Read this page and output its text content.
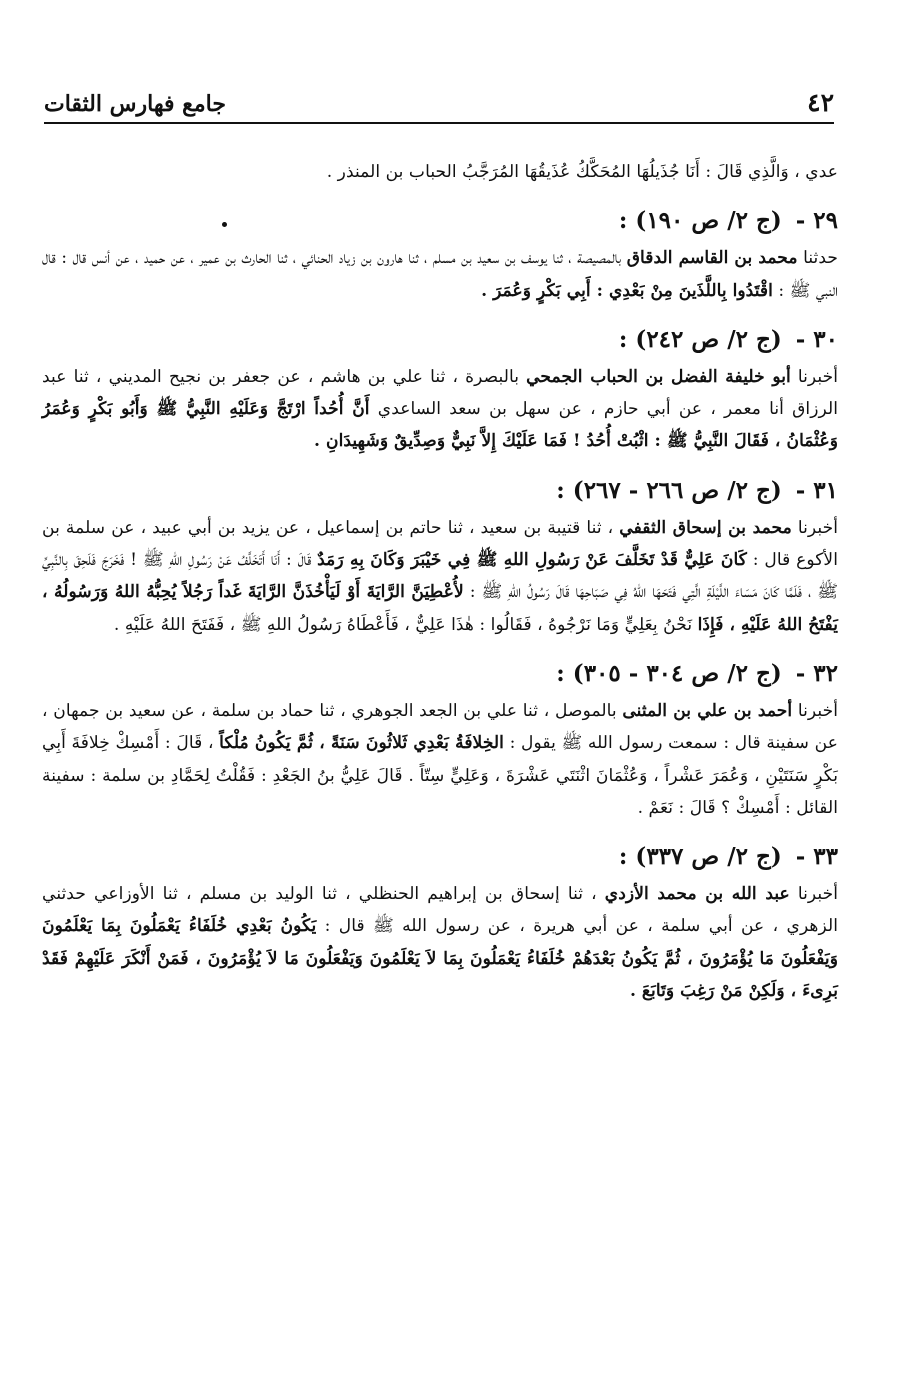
٤٢
جامع فهارس الثقات

عدي ، وَالَّذِي قَالَ : أَنَا جُذَيلُهَا المُحَكَّكُ عُذَيقُهَا المُرَجَّبُ الحباب بن المنذر .

٢٩ - (ج ٢/ ص ١٩٠) :

حدثنا محمد بن القاسم الدقاق بالمصيصة ، ثنا يوسف بن سعيد بن مسلم ، ثنا هارون بن زياد الحنائي ، ثنا الحارث بن عمير ، عن حميد ، عن أنس قال : قال النبي ﷺ : اقْتَدُوا بِاللَّذَينَ مِنْ بَعْدِي : أَبِي بَكْرٍ وَعُمَرَ .

٣٠ - (ج ٢/ ص ٢٤٢) :

أخبرنا أبو خليفة الفضل بن الحباب الجمحي بالبصرة ، ثنا علي بن هاشم ، عن جعفر بن نجيح المديني ، ثنا عبد الرزاق أنا معمر ، عن أبي حازم ، عن سهل بن سعد الساعدي أَنَّ أُحُداً ارْتَجَّ وَعَلَيْهِ النَّبِيُّ ﷺ وَأَبُو بَكْرٍ وَعُمَرُ وَعُثْمَانُ ، فَقَالَ النَّبِيُّ ﷺ : اثْبُتْ أُحُدُ ! فَمَا عَلَيْكَ إِلاَّ نَبِيٌّ وَصِدِّيقٌ وَشَهِيدَانِ .

٣١ - (ج ٢/ ص ٢٦٦ - ٢٦٧) :

أخبرنا محمد بن إسحاق الثقفي ، ثنا قتيبة بن سعيد ، ثنا حاتم بن إسماعيل ، عن يزيد بن أبي عبيد ، عن سلمة بن الأكوع قال : كَانَ عَلِيٌّ قَدْ تَخَلَّفَ عَنْ رَسُولِ اللهِ ﷺ فِي خَيْبَرَ وَكَانَ بِهِ رَمَدٌ قَالَ : أَنَا أَتَخَلَّفُ عَنْ رَسُولِ اللهِ ﷺ ! فَخَرَجَ فَلَحِقَ بِالنَّبِيِّ ﷺ ، فَلَمَّا كَانَ مَسَاءَ اللَّيْلَةِ الَّتِي فَتَحَهَا اللهُ فِي صَبَاحِهَا قَالَ رَسُولُ اللهِ ﷺ : لأُعْطِيَنَّ الرَّايَةَ أَوْ لَيَأْخُذَنَّ الرَّايَةَ غَداً رَجُلاً يُحِبُّهُ اللهُ وَرَسُولُهُ ، يَفْتَحُ اللهُ عَلَيْهِ ، فَإِذَا نَحْنُ بِعَلِيٍّ وَمَا نَرْجُوهُ ، فَقَالُوا : هٰذَا عَلِيٌّ ، فَأَعْطَاهُ رَسُولُ اللهِ ﷺ ، فَفَتَحَ اللهُ عَلَيْهِ .

٣٢ - (ج ٢/ ص ٣٠٤ - ٣٠٥) :

أخبرنا أحمد بن علي بن المثنى بالموصل ، ثنا علي بن الجعد الجوهري ، ثنا حماد بن سلمة ، عن سعيد بن جمهان ، عن سفينة قال : سمعت رسول الله ﷺ يقول : الخِلافَةُ بَعْدِي ثَلاثُونَ سَنَةً ، ثُمَّ يَكُونُ مُلْكاً ، قَالَ : أَمْسِكْ خِلافَةَ أَبِي بَكْرٍ سَنَتَيْنِ ، وَعُمَرَ عَشْراً ، وَعُثْمَانَ اثْنَتَي عَشْرَةَ ، وَعَلِيٍّ سِتّاً . قَالَ عَلِيُّ بنُ الجَعْدِ : فَقُلْتُ لِحَمَّادِ بن سلمة : سفينة القائل : أَمْسِكْ ؟ قَالَ : نَعَمْ .

٣٣ - (ج ٢/ ص ٣٣٧) :

أخبرنا عبد الله بن محمد الأزدي ، ثنا إسحاق بن إبراهيم الحنظلي ، ثنا الوليد بن مسلم ، ثنا الأوزاعي حدثني الزهري ، عن أبي سلمة ، عن أبي هريرة ، عن رسول الله ﷺ قال : يَكُونُ بَعْدِي خُلَفَاءُ يَعْمَلُونَ بِمَا يَعْلَمُونَ وَيَفْعَلُونَ مَا يُؤْمَرُونَ ، ثُمَّ يَكُونُ بَعْدَهُمْ خُلَفَاءُ يَعْمَلُونَ بِمَا لاَ يَعْلَمُونَ وَيَفْعَلُونَ مَا لاَ يُؤْمَرُونَ ، فَمَنْ أَنْكَرَ عَلَيْهِمْ فَقَدْ بَرِىءَ ، وَلَكِنْ مَنْ رَغِبَ وَتَابَعَ .
